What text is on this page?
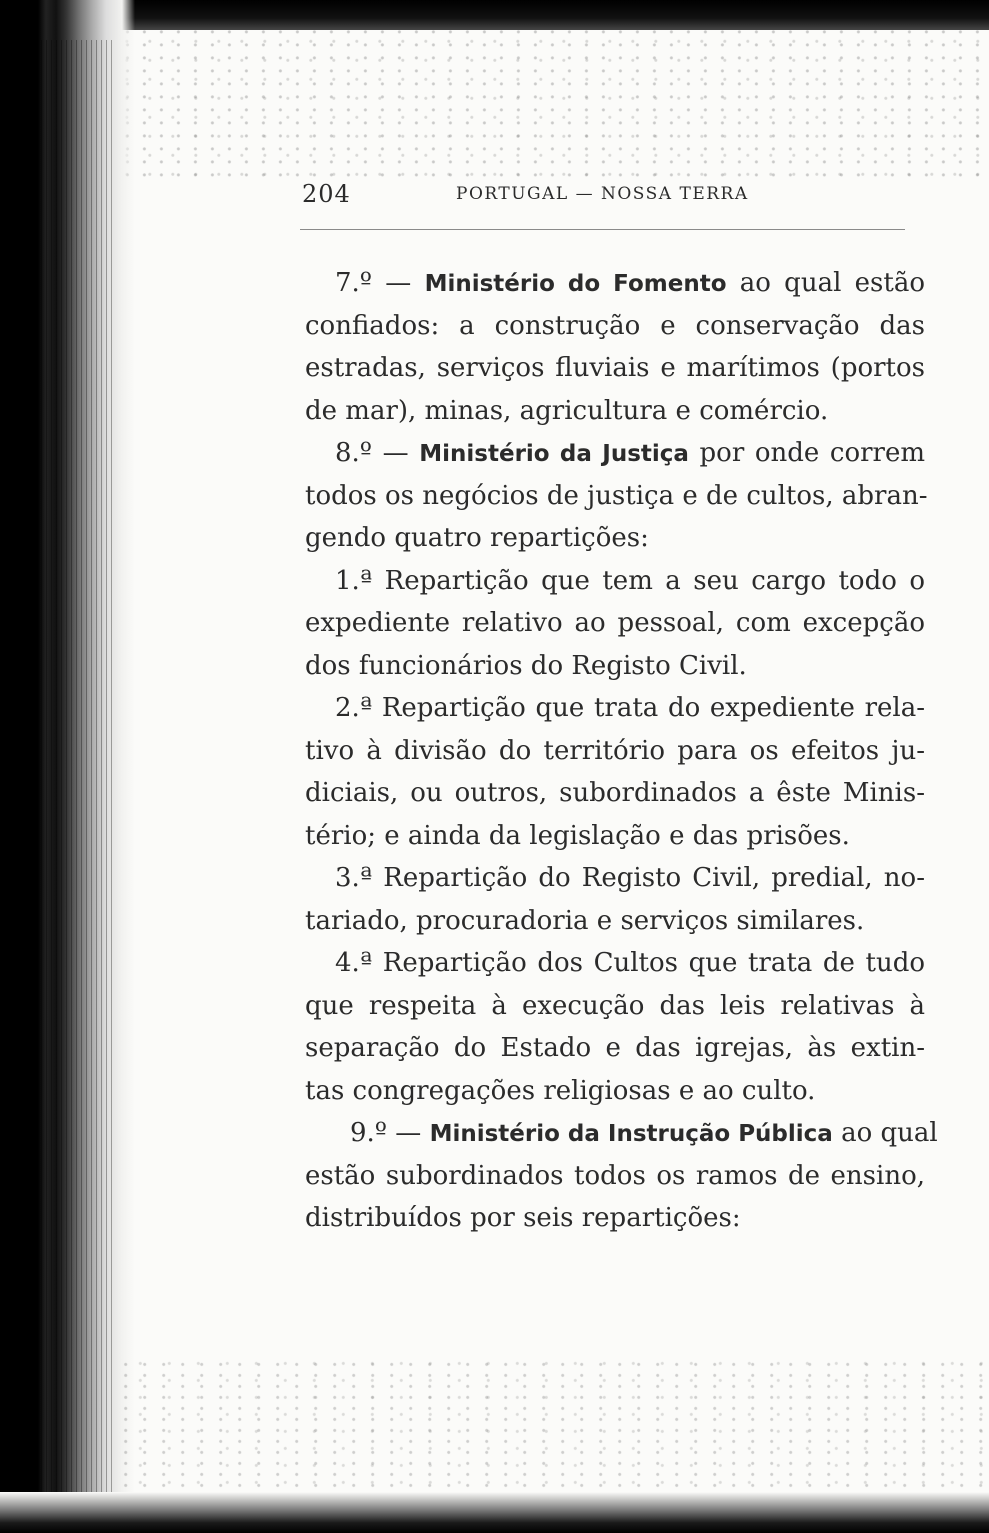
204	PORTUGAL — NOSSA TERRA
7.º — Ministério do Fomento ao qual estão
confiados: a construção e conservação das
estradas, serviços fluviais e marítimos (portos
de mar), minas, agricultura e comércio.
8.º — Ministério da Justiça por onde correm
todos os negócios de justiça e de cultos, abran-
gendo quatro repartições:
1.ª Repartição que tem a seu cargo todo o
expediente relativo ao pessoal, com excepção
dos funcionários do Registo Civil.
2.ª Repartição que trata do expediente rela-
tivo à divisão do território para os efeitos ju-
diciais, ou outros, subordinados a êste Minis-
tério; e ainda da legislação e das prisões.
3.ª Repartição do Registo Civil, predial, no-
tariado, procuradoria e serviços similares.
4.ª Repartição dos Cultos que trata de tudo
que respeita à execução das leis relativas à
separação do Estado e das igrejas, às extin-
tas congregações religiosas e ao culto.
9.º — Ministério da Instrução Pública ao qual
estão subordinados todos os ramos de ensino,
distribuídos por seis repartições:
